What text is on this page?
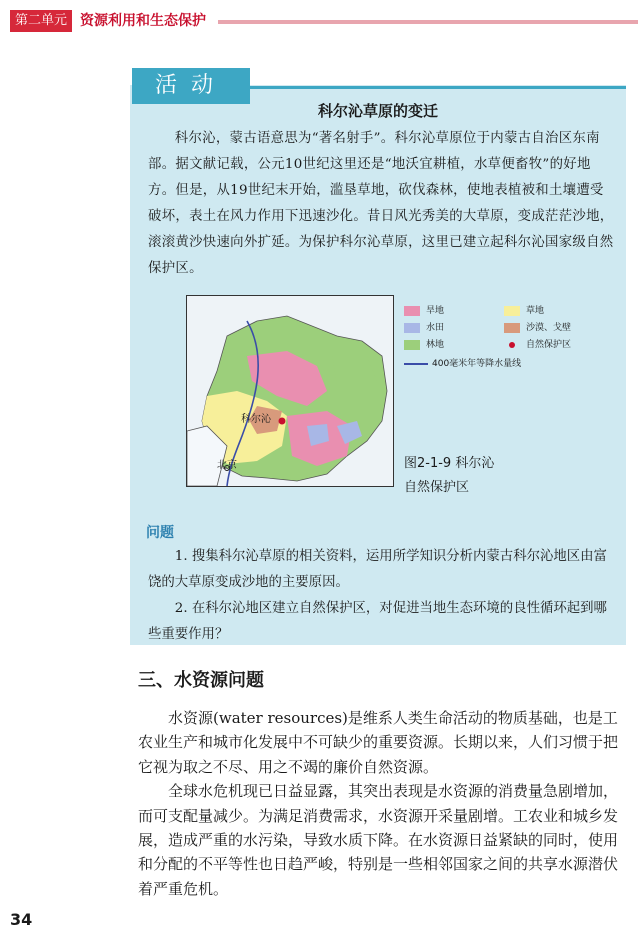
第二单元 资源利用和生态保护
活动
科尔沁草原的变迁
科尔沁，蒙古语意思为“著名射手”。科尔沁草原位于内蒙古自治区东南部。据文献记载，公元10世纪这里还是“地沃宜耕植，水草便畜牧”的好地方。但是，从19世纪末开始，滥垦草地，砍伐森林，使地表植被和土壤遭受破坏，表土在风力作用下迅速沙化。昔日风光秀美的大草原，变成茫茫沙地，滚滚黄沙快速向外扩延。为保护科尔沁草原，这里已建立起科尔沁国家级自然保护区。
科尔沁
北京
旱地	草地
水田	沙漠、戈壁
林地	自然保护区
400毫米年等降水量线
图2-1-9 科尔沁
自然保护区
问题

1. 搜集科尔沁草原的相关资料，运用所学知识分析内蒙古科尔沁地区由富饶的大草原变成沙地的主要原因。

2. 在科尔沁地区建立自然保护区，对促进当地生态环境的良性循环起到哪些重要作用？

三、水资源问题

水资源(water resources)是维系人类生命活动的物质基础，也是工农业生产和城市化发展中不可缺少的重要资源。长期以来，人们习惯于把它视为取之不尽、用之不竭的廉价自然资源。

全球水危机现已日益显露，其突出表现是水资源的消费量急剧增加，而可支配量减少。为满足消费需求，水资源开采量剧增。工农业和城乡发展，造成严重的水污染，导致水质下降。在水资源日益紧缺的同时，使用和分配的不平等性也日趋严峻，特别是一些相邻国家之间的共享水源潜伏着严重危机。

34
